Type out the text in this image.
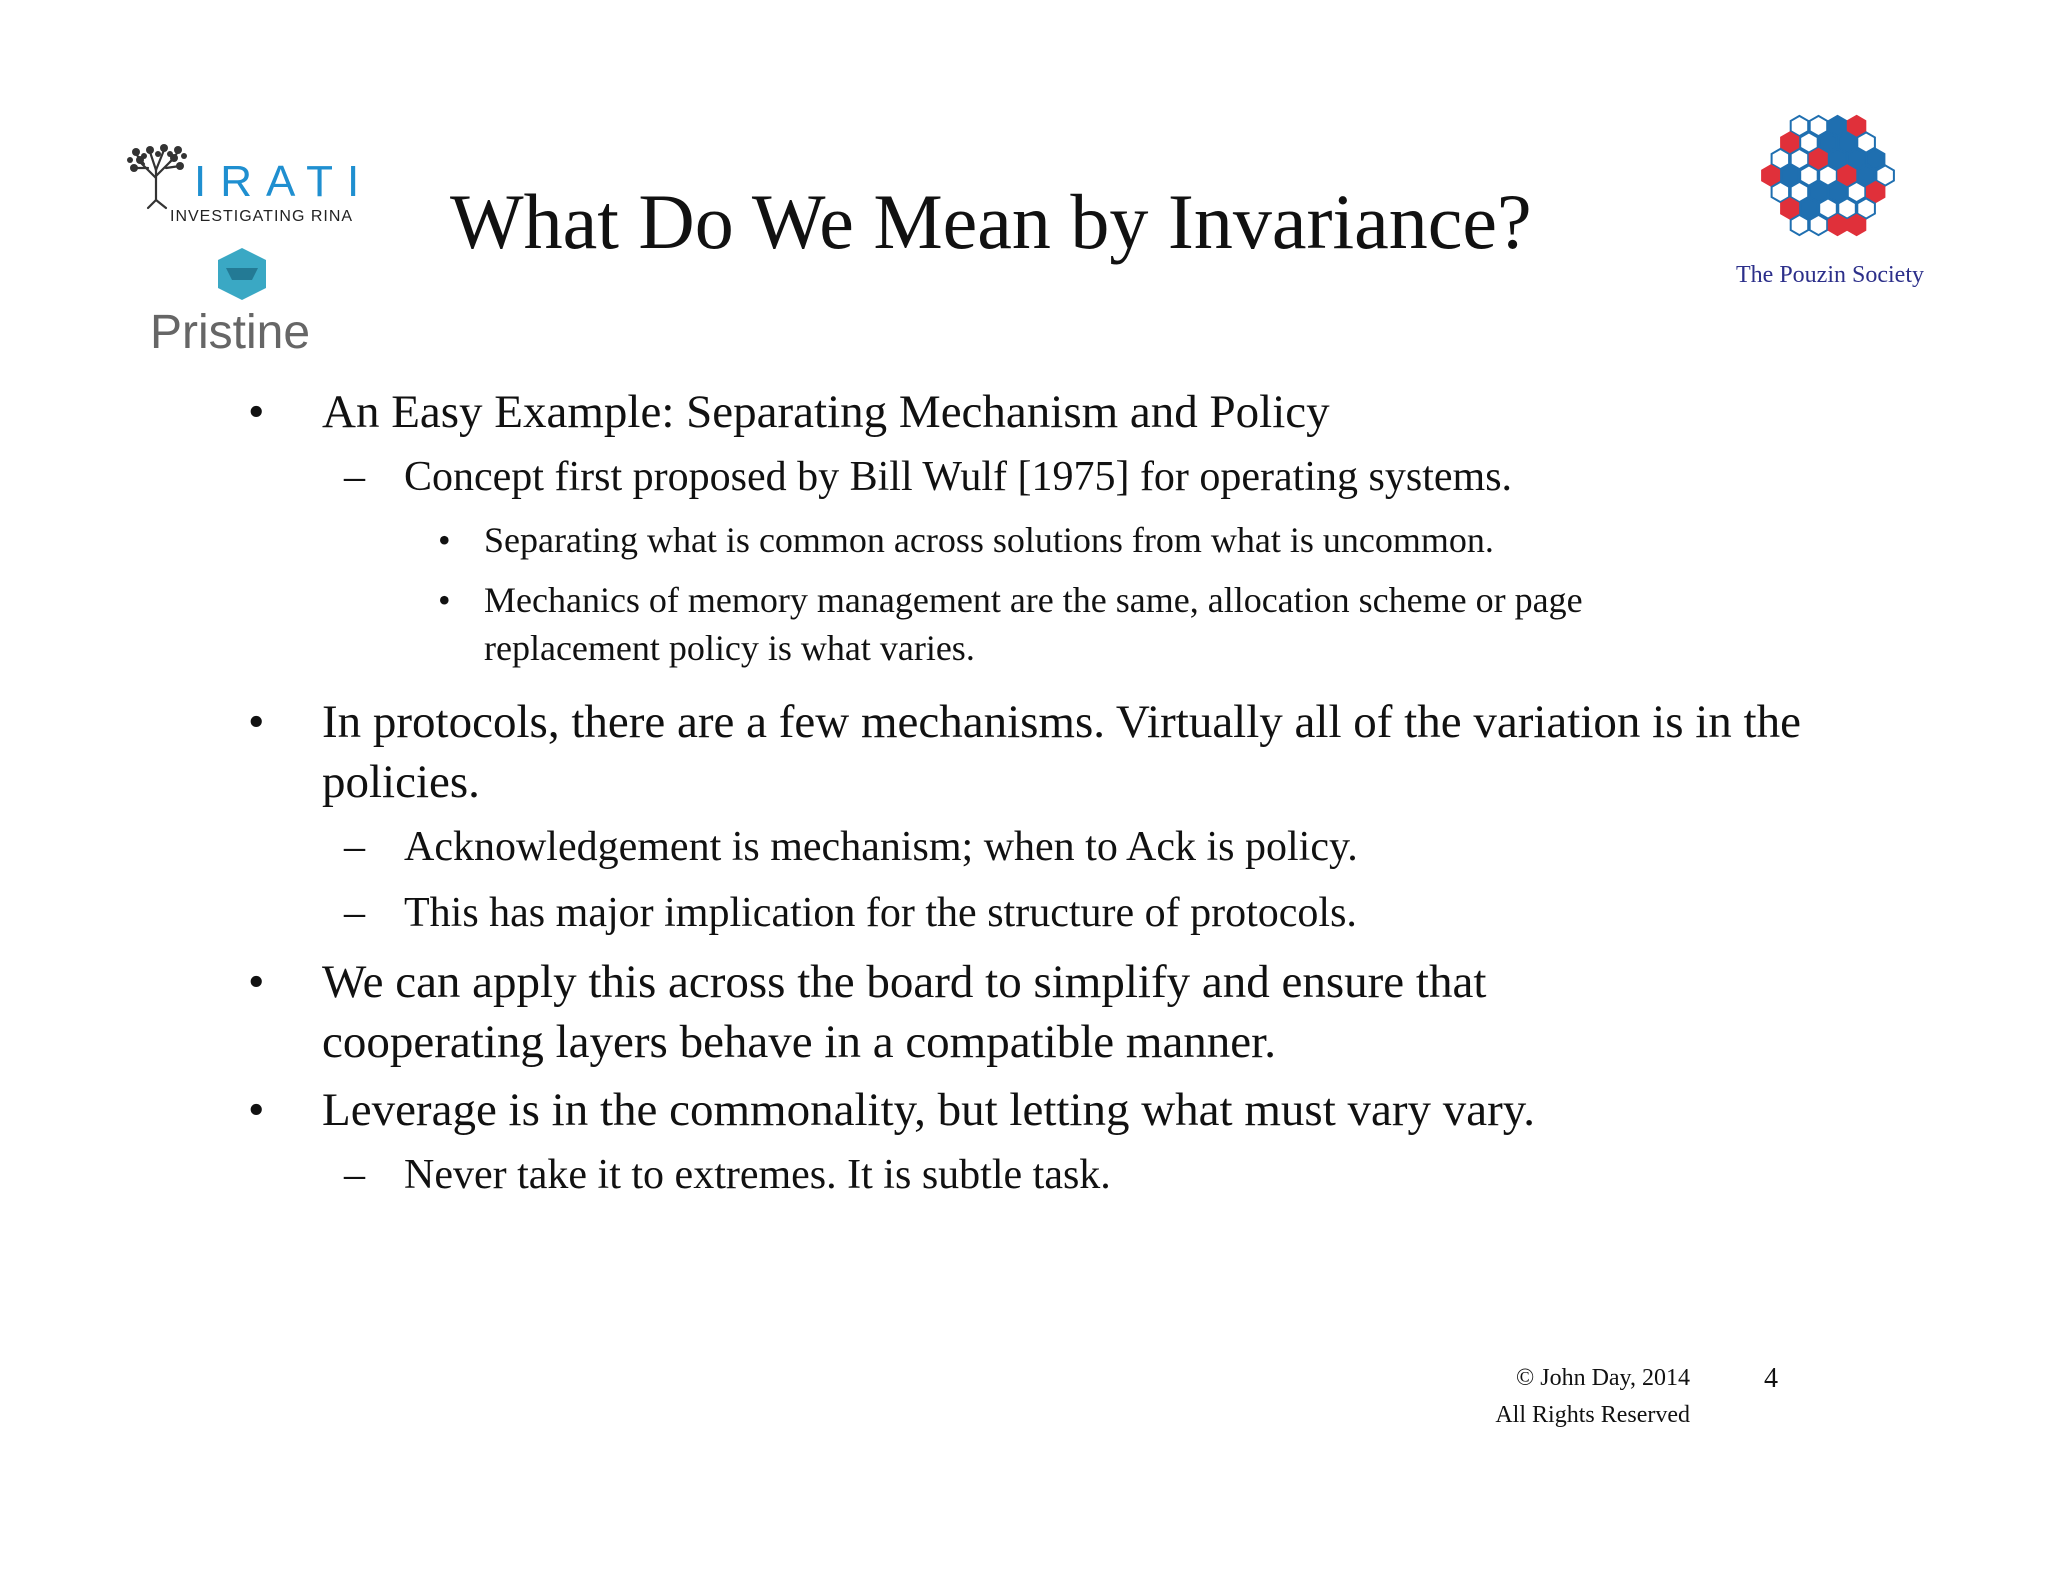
IRATI
INVESTIGATING RINA
Pristine
The Pouzin Society
What Do We Mean by Invariance?
•	An Easy Example: Separating Mechanism and Policy
– Concept first proposed by Bill Wulf [1975] for operating systems.
• Separating what is common across solutions from what is uncommon.
• Mechanics of memory management are the same, allocation scheme or page replacement policy is what varies.
•	In protocols, there are a few mechanisms. Virtually all of the variation is in the policies.
– Acknowledgement is mechanism; when to Ack is policy.
– This has major implication for the structure of protocols.
•	We can apply this across the board to simplify and ensure that cooperating layers behave in a compatible manner.
•	Leverage is in the commonality, but letting what must vary vary.
– Never take it to extremes. It is subtle task.
© John Day, 2014
All Rights Reserved
4
